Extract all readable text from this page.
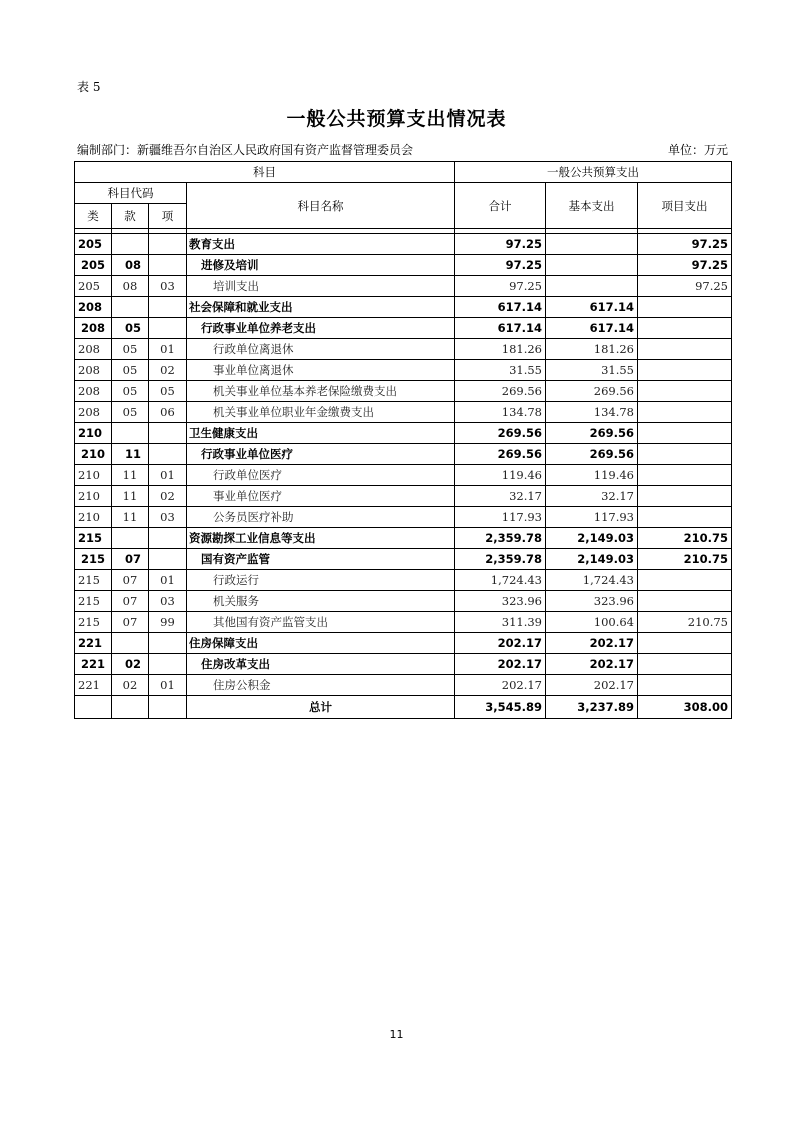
表 5
一般公共预算支出情况表
编制部门：新疆维吾尔自治区人民政府国有资产监督管理委员会	单位：万元
科目				一般公共预算支出		
科目代码			科目名称	合计	基本支出	项目支出
类	款	项				

205			教育支出	97.25		97.25
205	08		进修及培训	97.25		97.25
205	08	03	培训支出	97.25		97.25
208			社会保障和就业支出	617.14	617.14	
208	05		行政事业单位养老支出	617.14	617.14	
208	05	01	行政单位离退休	181.26	181.26	
208	05	02	事业单位离退休	31.55	31.55	
208	05	05	机关事业单位基本养老保险缴费支出	269.56	269.56	
208	05	06	机关事业单位职业年金缴费支出	134.78	134.78	
210			卫生健康支出	269.56	269.56	
210	11		行政事业单位医疗	269.56	269.56	
210	11	01	行政单位医疗	119.46	119.46	
210	11	02	事业单位医疗	32.17	32.17	
210	11	03	公务员医疗补助	117.93	117.93	
215			资源勘探工业信息等支出	2,359.78	2,149.03	210.75
215	07		国有资产监管	2,359.78	2,149.03	210.75
215	07	01	行政运行	1,724.43	1,724.43	
215	07	03	机关服务	323.96	323.96	
215	07	99	其他国有资产监管支出	311.39	100.64	210.75
221			住房保障支出	202.17	202.17	
221	02		住房改革支出	202.17	202.17	
221	02	01	住房公积金	202.17	202.17	
			总计	3,545.89	3,237.89	308.00
11
